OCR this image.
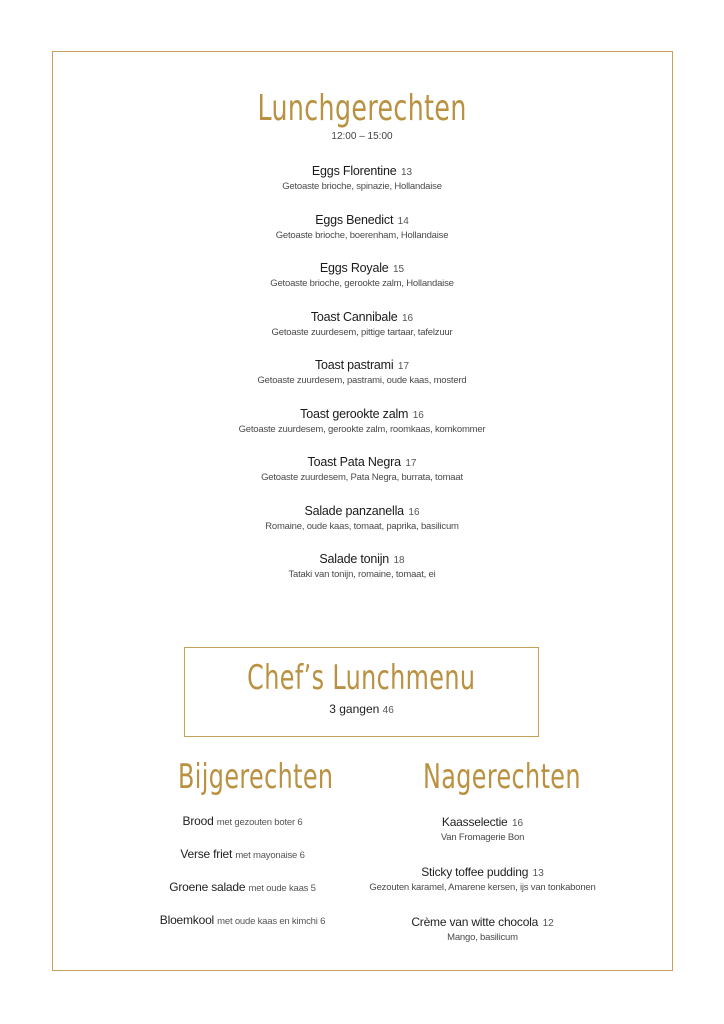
Lunchgerechten
12:00 – 15:00
Eggs Florentine 13
Getoaste brioche, spinazie, Hollandaise
Eggs Benedict 14
Getoaste brioche, boerenham, Hollandaise
Eggs Royale 15
Getoaste brioche, gerookte zalm, Hollandaise
Toast Cannibale 16
Getoaste zuurdesem, pittige tartaar, tafelzuur
Toast pastrami 17
Getoaste zuurdesem, pastrami, oude kaas, mosterd
Toast gerookte zalm 16
Getoaste zuurdesem, gerookte zalm, roomkaas, komkommer
Toast Pata Negra 17
Getoaste zuurdesem, Pata Negra, burrata, tomaat
Salade panzanella 16
Romaine, oude kaas, tomaat, paprika, basilicum
Salade tonijn 18
Tataki van tonijn, romaine, tomaat, ei
Chef’s Lunchmenu
3 gangen 46
Bijgerechten	Nagerechten
Brood met gezouten boter 6
Verse friet met mayonaise 6
Groene salade met oude kaas 5
Bloemkool met oude kaas en kimchi 6
Kaasselectie 16
Van Fromagerie Bon
Sticky toffee pudding 13
Gezouten karamel, Amarene kersen, ijs van tonkabonen
Crème van witte chocola 12
Mango, basilicum
